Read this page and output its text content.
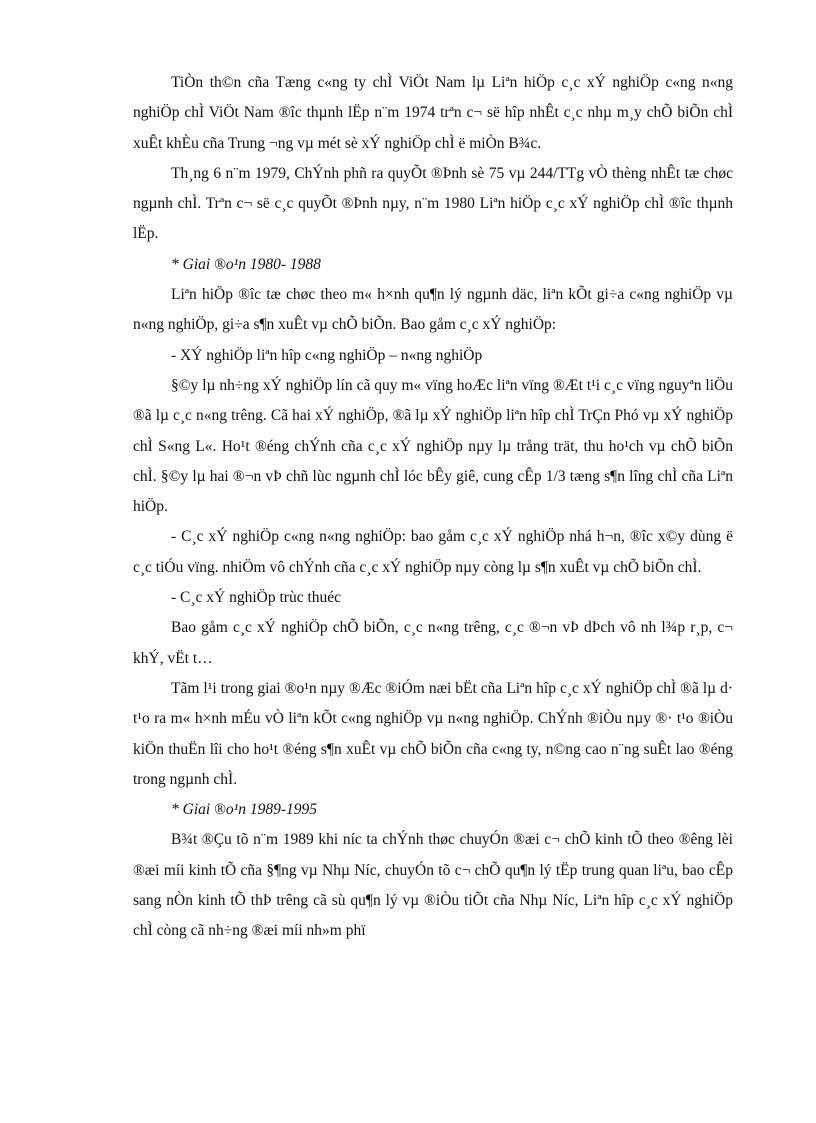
TiÒn th©n cña Tæng c«ng ty chÌ ViÖt Nam lµ Liªn hiÖp c¸c xÝ nghiÖp c«ng n«ng nghiÖp chÌ ViÖt Nam ®îc thµnh lËp n¨m 1974 trªn c¬ së hîp nhÊt c¸c nhµ m¸y chÕ biÕn chÌ xuÊt khÈu cña Trung ¬ng vµ mét sè xÝ nghiÖp chÌ ë miÒn B¾c.

Th¸ng 6 n¨m 1979, ChÝnh phñ ra quyÕt ®Þnh sè 75 vµ 244/TTg vÒ thèng nhÊt tæ chøc ngµnh chÌ. Trªn c¬ së c¸c quyÕt ®Þnh nµy, n¨m 1980 Liªn hiÖp c¸c xÝ nghiÖp chÌ ®îc thµnh lËp.

* Giai ®o¹n 1980- 1988

Liªn hiÖp ®îc tæ chøc theo m« h×nh qu¶n lý ngµnh däc, liªn kÕt gi÷a c«ng nghiÖp vµ n«ng nghiÖp, gi÷a s¶n xuÊt vµ chÕ biÕn. Bao gåm c¸c xÝ nghiÖp:

- XÝ nghiÖp liªn hîp c«ng nghiÖp – n«ng nghiÖp

§©y lµ nh÷ng xÝ nghiÖp lín cã quy m« vïng hoÆc liªn vïng ®Æt t¹i c¸c vïng nguyªn liÖu ®ã lµ c¸c n«ng trêng. Cã hai xÝ nghiÖp, ®ã lµ xÝ nghiÖp liªn hîp chÌ TrÇn Phó vµ xÝ nghiÖp chÌ S«ng L«. Ho¹t ®éng chÝnh cña c¸c xÝ nghiÖp nµy lµ trång trät, thu ho¹ch vµ chÕ biÕn chÌ. §©y lµ hai ®¬n vÞ chñ lùc ngµnh chÌ lóc bÊy giê, cung cÊp 1/3 tæng s¶n lîng chÌ cña Liªn hiÖp.

- C¸c xÝ nghiÖp c«ng n«ng nghiÖp: bao gåm c¸c xÝ nghiÖp nhá h¬n, ®îc x©y dùng ë c¸c tiÓu vïng. nhiÖm vô chÝnh cña c¸c xÝ nghiÖp nµy còng lµ s¶n xuÊt vµ chÕ biÕn chÌ.

- C¸c xÝ nghiÖp trùc thuéc

Bao gåm c¸c xÝ nghiÖp chÕ biÕn, c¸c n«ng trêng, c¸c ®¬n vÞ dÞch vô nh l¾p r¸p, c¬ khÝ, vËt t…

Tãm l¹i trong giai ®o¹n nµy ®Æc ®iÓm næi bËt cña Liªn hîp c¸c xÝ nghiÖp chÌ ®ã lµ d· t¹o ra m« h×nh mÉu vÒ liªn kÕt c«ng nghiÖp vµ n«ng nghiÖp. ChÝnh ®iÒu nµy ®· t¹o ®iÒu kiÖn thuËn lîi cho ho¹t ®éng s¶n xuÊt vµ chÕ biÕn cña c«ng ty, n©ng cao n¨ng suÊt lao ®éng trong ngµnh chÌ.

* Giai ®o¹n 1989-1995

B¾t ®Çu tõ n¨m 1989 khi níc ta chÝnh thøc chuyÓn ®æi c¬ chÕ kinh tÕ theo ®êng lèi ®æi míi kinh tÕ cña §¶ng vµ Nhµ Níc, chuyÓn tõ c¬ chÕ qu¶n lý tËp trung quan liªu, bao cÊp sang nÒn kinh tÕ thÞ trêng cã sù qu¶n lý vµ ®iÒu tiÕt cña Nhµ Níc, Liªn hîp c¸c xÝ nghiÖp chÌ còng cã nh÷ng ®æi míi nh»m phï
